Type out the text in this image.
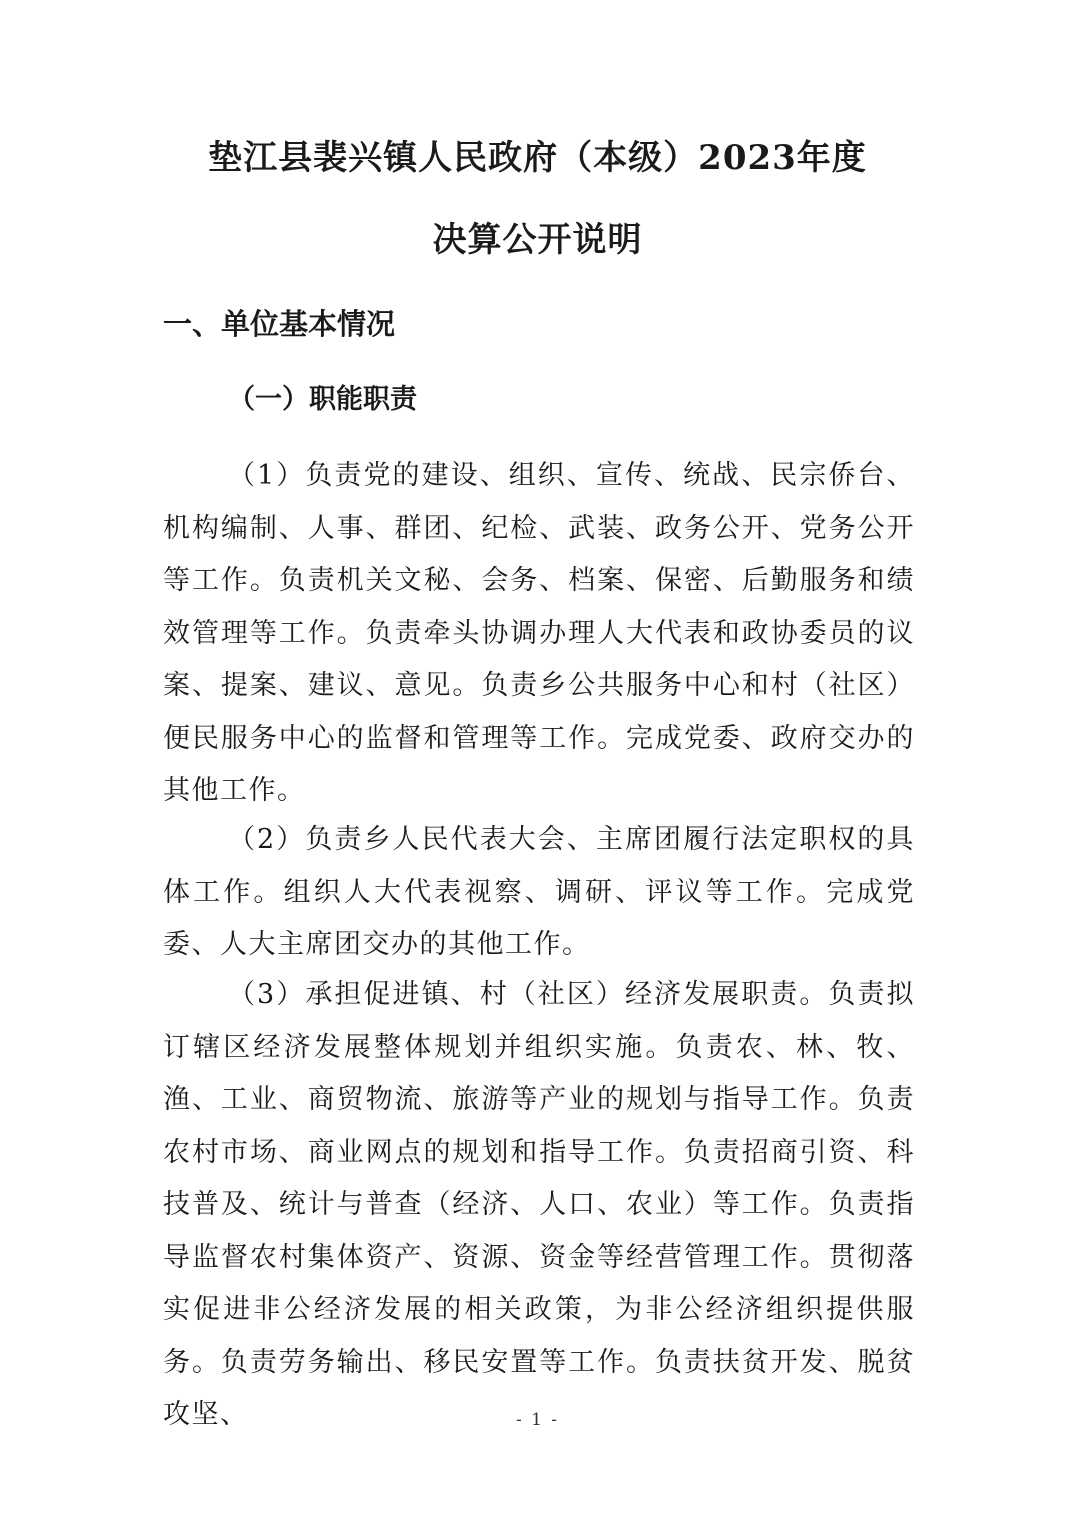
垫江县裴兴镇人民政府（本级）2023年度
决算公开说明
一、单位基本情况
（一）职能职责
（1）负责党的建设、组织、宣传、统战、民宗侨台、机构编制、人事、群团、纪检、武装、政务公开、党务公开等工作。负责机关文秘、会务、档案、保密、后勤服务和绩效管理等工作。负责牵头协调办理人大代表和政协委员的议案、提案、建议、意见。负责乡公共服务中心和村（社区）便民服务中心的监督和管理等工作。完成党委、政府交办的其他工作。
（2）负责乡人民代表大会、主席团履行法定职权的具体工作。组织人大代表视察、调研、评议等工作。完成党委、人大主席团交办的其他工作。
（3）承担促进镇、村（社区）经济发展职责。负责拟订辖区经济发展整体规划并组织实施。负责农、林、牧、渔、工业、商贸物流、旅游等产业的规划与指导工作。负责农村市场、商业网点的规划和指导工作。负责招商引资、科技普及、统计与普查（经济、人口、农业）等工作。负责指导监督农村集体资产、资源、资金等经营管理工作。贯彻落实促进非公经济发展的相关政策，为非公经济组织提供服务。负责劳务输出、移民安置等工作。负责扶贫开发、脱贫攻坚、	- 1 -
